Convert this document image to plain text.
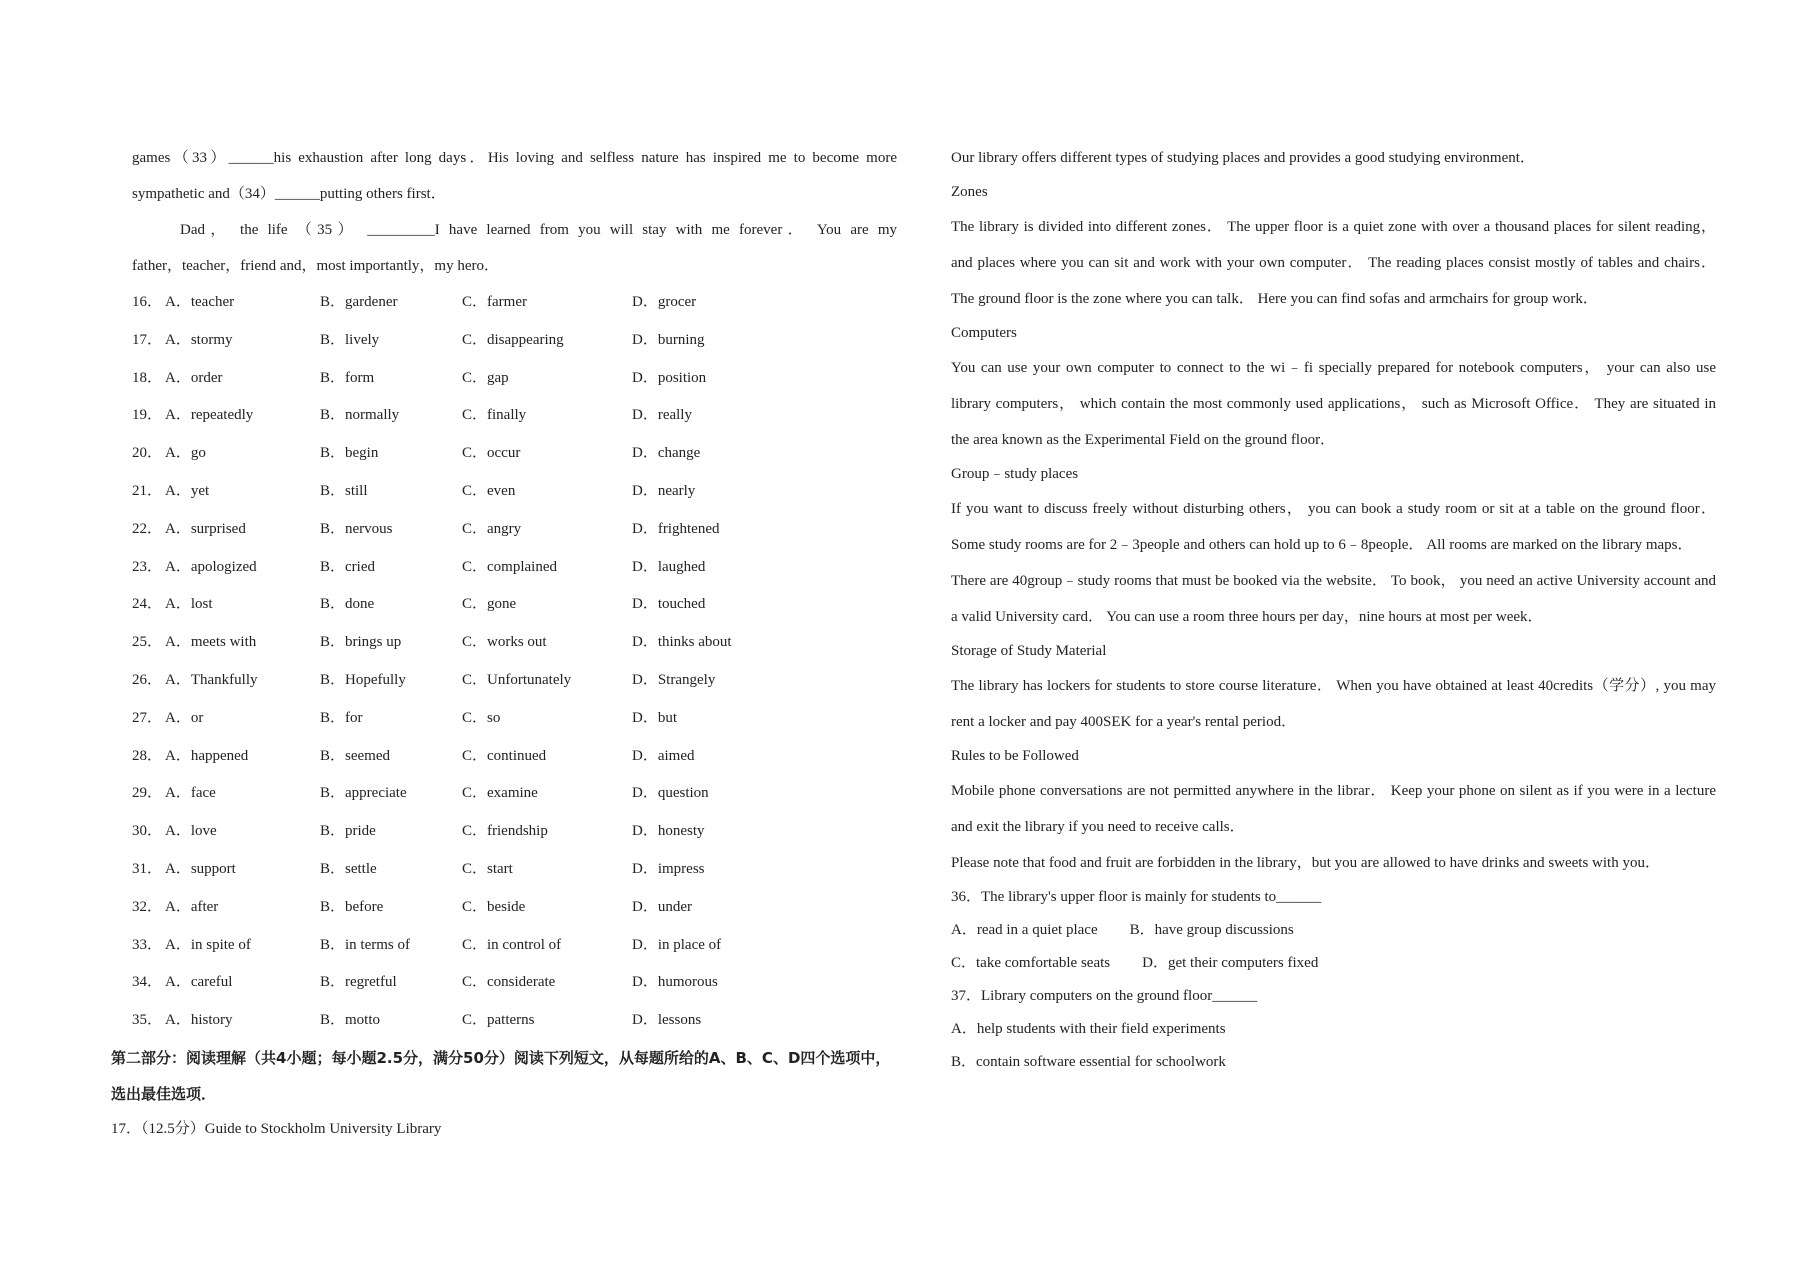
games（33）______his exhaustion after long days．His loving and selfless nature has inspired me to become more

sympathetic and（34）______putting others first．

Dad， the life （35） _________I have learned from you will stay with me forever． You are my

father，teacher，friend and，most importantly，my hero．

16． A．teacher	B．gardener	C．farmer	D．grocer
17． A．stormy	B．lively	C．disappearing	D．burning
18． A．order	B．form	C．gap	D．position
19． A．repeatedly	B．normally	C．finally	D．really
20． A．go	B．begin	C．occur	D．change
21． A．yet	B．still	C．even	D．nearly
22． A．surprised	B．nervous	C．angry	D．frightened
23． A．apologized	B．cried	C．complained	D．laughed
24． A．lost	B．done	C．gone	D．touched
25． A．meets with	B．brings up	C．works out	D．thinks about
26． A．Thankfully	B．Hopefully	C．Unfortunately	D．Strangely
27． A．or	B．for	C．so	D．but
28． A．happened	B．seemed	C．continued	D．aimed
29． A．face	B．appreciate	C．examine	D．question
30． A．love	B．pride	C．friendship	D．honesty
31． A．support	B．settle	C．start	D．impress
32． A．after	B．before	C．beside	D．under
33． A．in spite of	B．in terms of	C．in control of	D．in place of
34． A．careful	B．regretful	C．considerate	D．humorous
35． A．history	B．motto	C．patterns	D．lessons

第二部分：阅读理解（共4小题；每小题2.5分，满分50分）阅读下列短文，从每题所给的A、B、C、D四个选项中，选出最佳选项．

17．（12.5分）Guide to Stockholm University Library

Our library offers different types of studying places and provides a good studying environment．

Zones

The library is divided into different zones． The upper floor is a quiet zone with over a thousand places for silent reading， and places where you can sit and work with your own computer． The reading places consist mostly of tables and chairs． The ground floor is the zone where you can talk． Here you can find sofas and armchairs for group work．

Computers

You can use your own computer to connect to the wi﹣fi specially prepared for notebook computers， your can also use library computers， which contain the most commonly used applications， such as Microsoft Office． They are situated in the area known as the Experimental Field on the ground floor．

Group﹣study places

If you want to discuss freely without disturbing others， you can book a study room or sit at a table on the ground floor． Some study rooms are for 2﹣3people and others can hold up to 6﹣8people． All rooms are marked on the library maps．

There are 40group﹣study rooms that must be booked via the website． To book， you need an active University account and a valid University card． You can use a room three hours per day，nine hours at most per week．

Storage of Study Material

The library has lockers for students to store course literature． When you have obtained at least 40credits（学分）, you may rent a locker and pay 400SEK for a year's rental period．

Rules to be Followed

Mobile phone conversations are not permitted anywhere in the librar． Keep your phone on silent as if you were in a lecture and exit the library if you need to receive calls．

Please note that food and fruit are forbidden in the library，but you are allowed to have drinks and sweets with you．

36．The library's upper floor is mainly for students to______

A．read in a quiet place B．have group discussions

C．take comfortable seats D．get their computers fixed

37．Library computers on the ground floor______

A．help students with their field experiments

B．contain software essential for schoolwork
